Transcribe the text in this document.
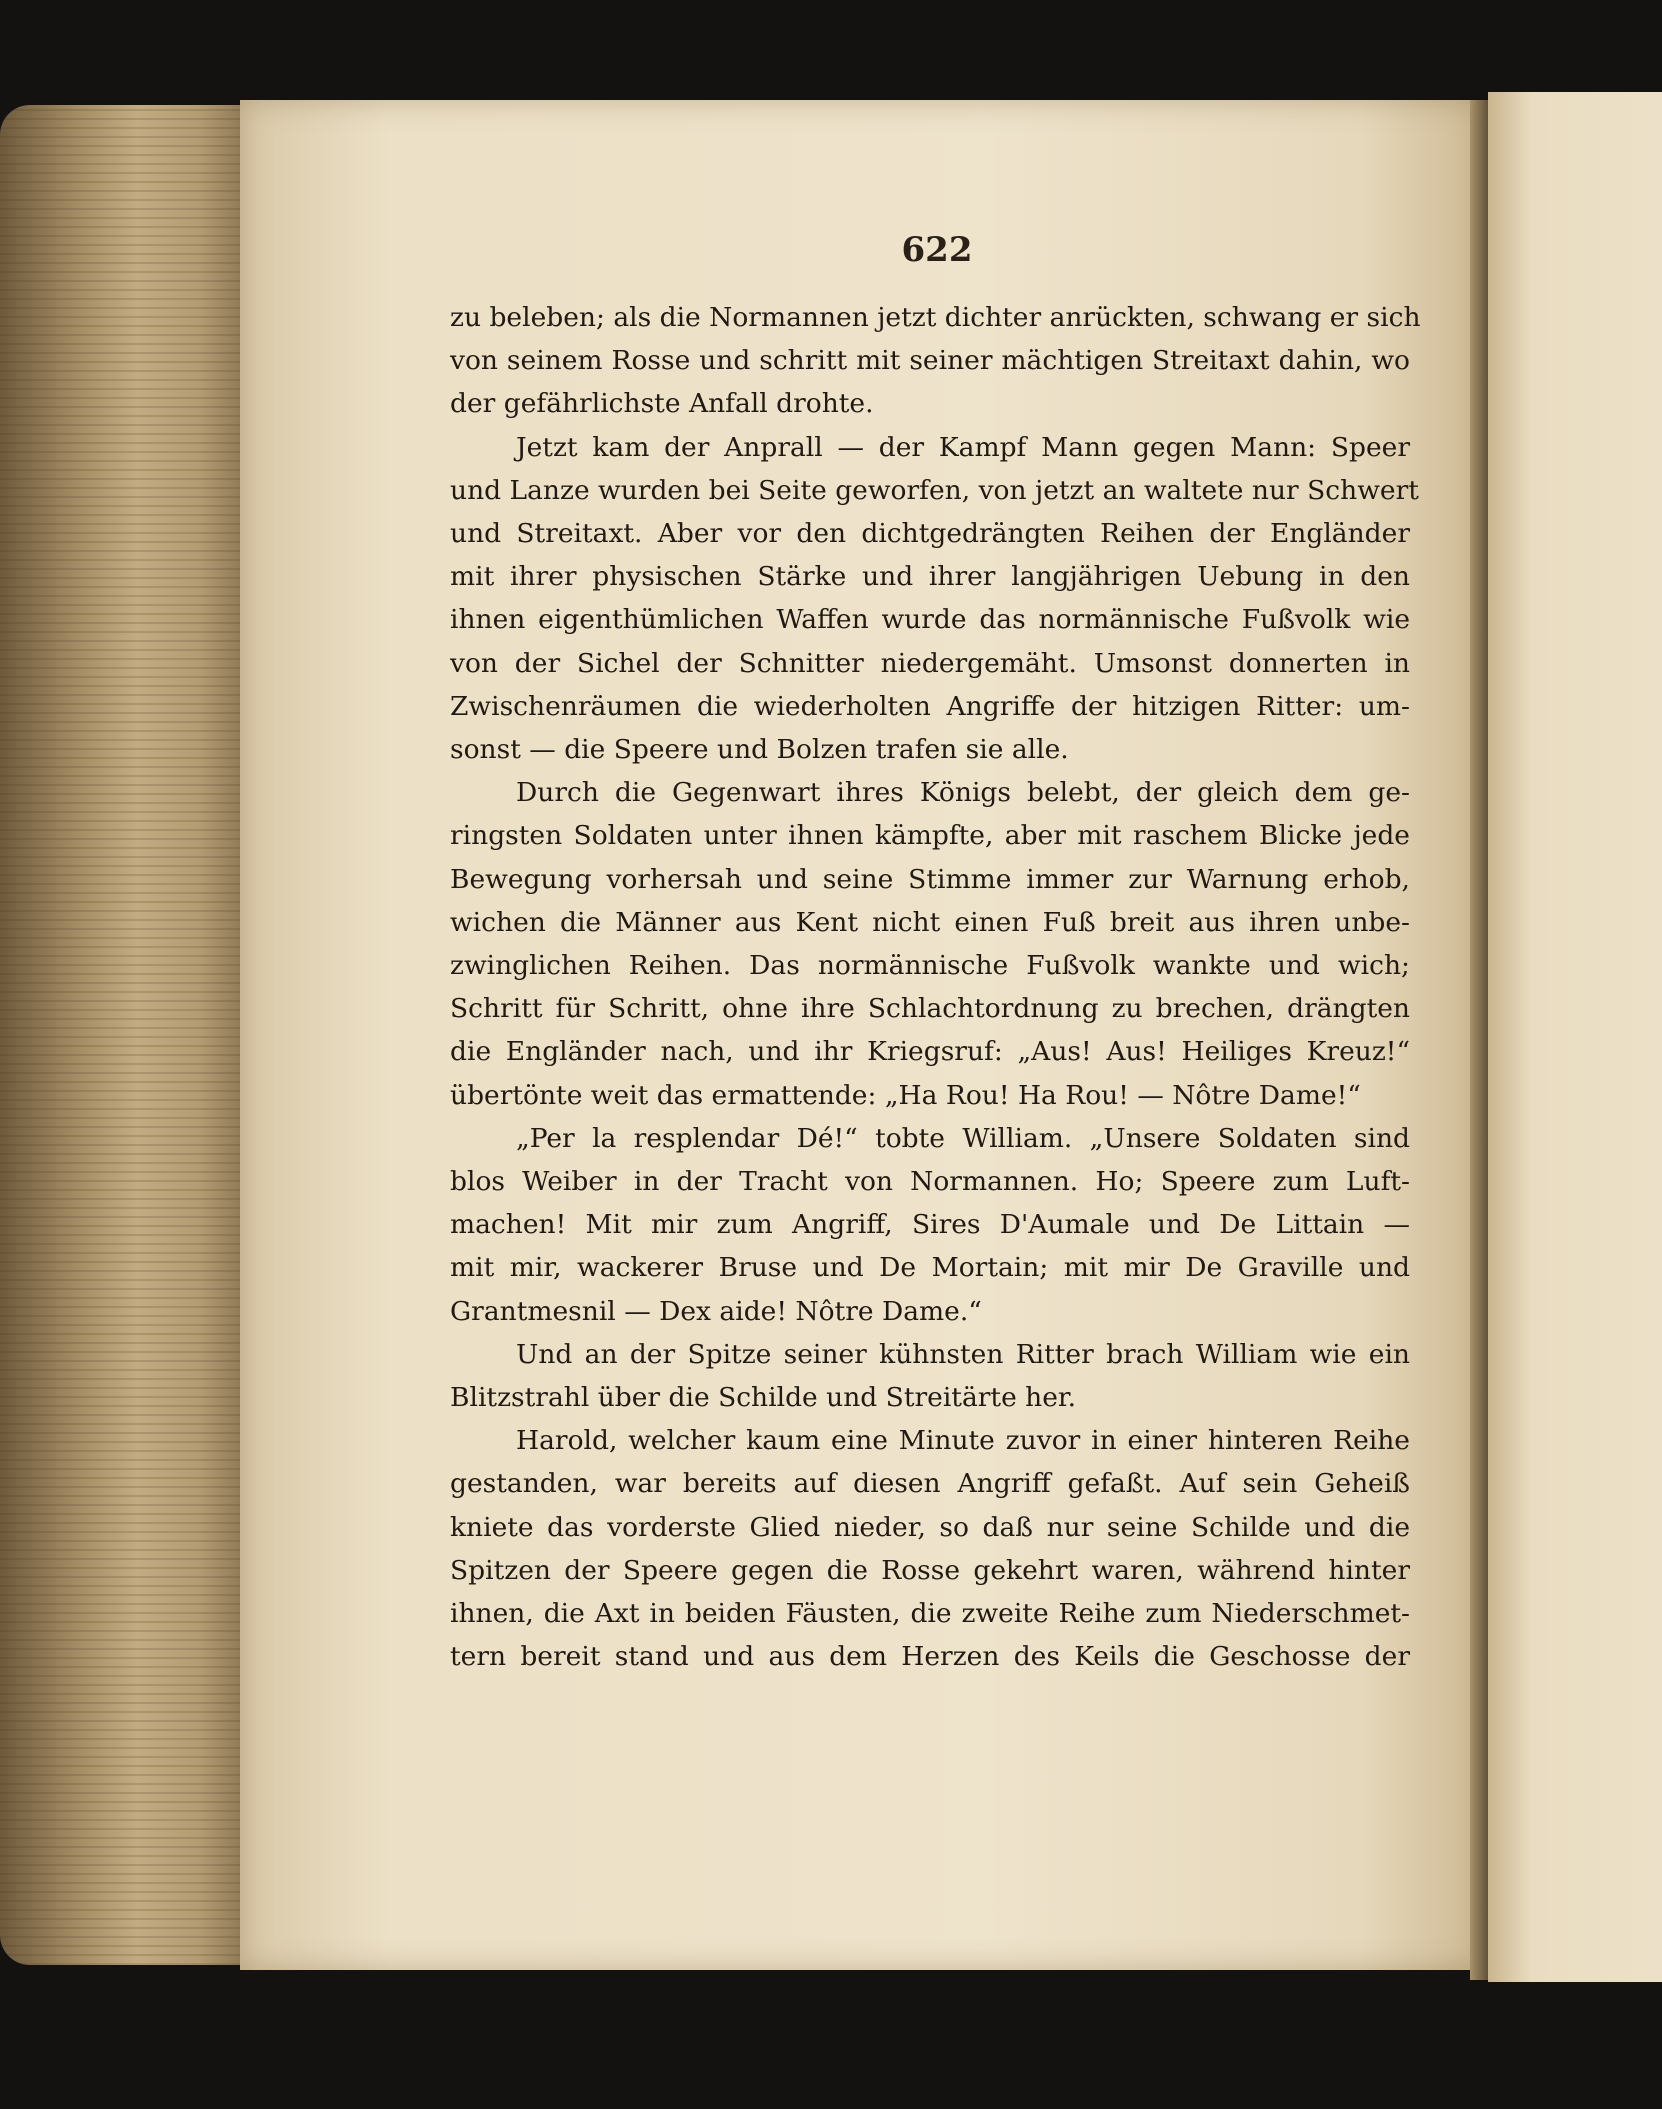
622
zu beleben; als die Normannen jetzt dichter anrückten, schwang er sich
von seinem Rosse und schritt mit seiner mächtigen Streitaxt dahin, wo
der gefährlichste Anfall drohte.
Jetzt kam der Anprall — der Kampf Mann gegen Mann: Speer
und Lanze wurden bei Seite geworfen, von jetzt an waltete nur Schwert
und Streitaxt. Aber vor den dichtgedrängten Reihen der Engländer
mit ihrer physischen Stärke und ihrer langjährigen Uebung in den
ihnen eigenthümlichen Waffen wurde das normännische Fußvolk wie
von der Sichel der Schnitter niedergemäht. Umsonst donnerten in
Zwischenräumen die wiederholten Angriffe der hitzigen Ritter: um-
sonst — die Speere und Bolzen trafen sie alle.
Durch die Gegenwart ihres Königs belebt, der gleich dem ge-
ringsten Soldaten unter ihnen kämpfte, aber mit raschem Blicke jede
Bewegung vorhersah und seine Stimme immer zur Warnung erhob,
wichen die Männer aus Kent nicht einen Fuß breit aus ihren unbe-
zwinglichen Reihen. Das normännische Fußvolk wankte und wich;
Schritt für Schritt, ohne ihre Schlachtordnung zu brechen, drängten
die Engländer nach, und ihr Kriegsruf: „Aus! Aus! Heiliges Kreuz!“
übertönte weit das ermattende: „Ha Rou! Ha Rou! — Nôtre Dame!“
„Per la resplendar Dé!“ tobte William. „Unsere Soldaten sind
blos Weiber in der Tracht von Normannen. Ho; Speere zum Luft-
machen! Mit mir zum Angriff, Sires D'Aumale und De Littain —
mit mir, wackerer Bruse und De Mortain; mit mir De Graville und
Grantmesnil — Dex aide! Nôtre Dame.“
Und an der Spitze seiner kühnsten Ritter brach William wie ein
Blitzstrahl über die Schilde und Streitärte her.
Harold, welcher kaum eine Minute zuvor in einer hinteren Reihe
gestanden, war bereits auf diesen Angriff gefaßt. Auf sein Geheiß
kniete das vorderste Glied nieder, so daß nur seine Schilde und die
Spitzen der Speere gegen die Rosse gekehrt waren, während hinter
ihnen, die Axt in beiden Fäusten, die zweite Reihe zum Niederschmet-
tern bereit stand und aus dem Herzen des Keils die Geschosse der
